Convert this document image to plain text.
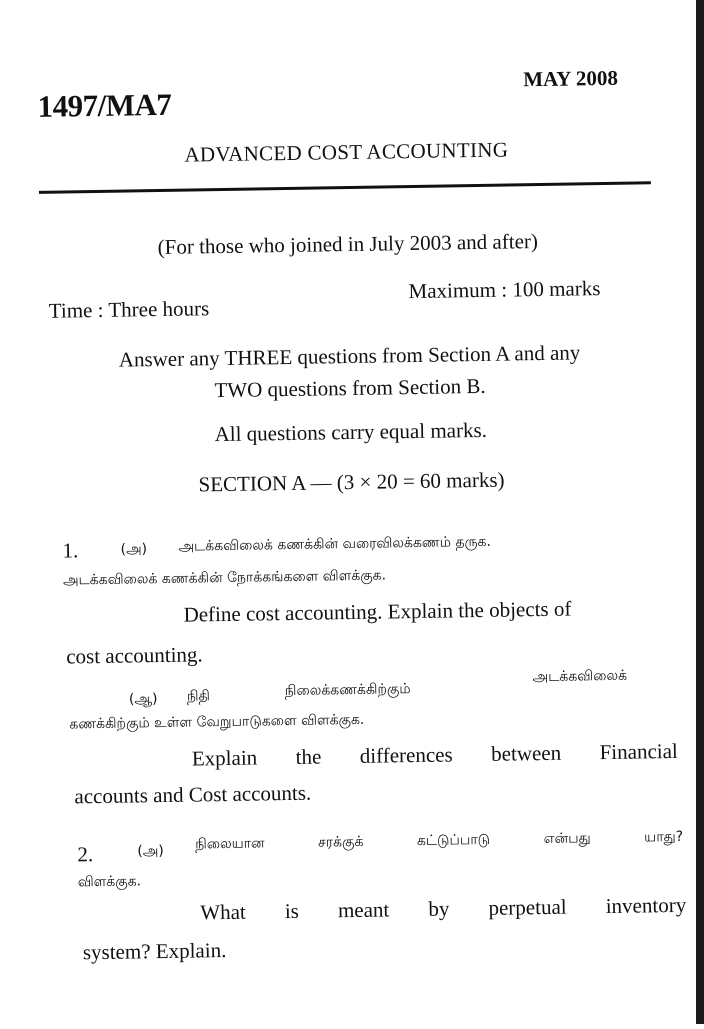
1497/MA7
MAY 2008
ADVANCED COST ACCOUNTING
(For those who joined in July 2003 and after)
Time : Three hours
Maximum : 100 marks
Answer any THREE questions from Section A and any
TWO questions from Section B.
All questions carry equal marks.
SECTION A — (3 × 20 = 60 marks)
1.	(அ) அடக்கவிலைக் கணக்கின் வரைவிலக்கணம் தருக.
அடக்கவிலைக் கணக்கின் நோக்கங்களை விளக்குக.
Define cost accounting. Explain the objects of
cost accounting.
(ஆ) நிதி	நிலைக்கணக்கிற்கும்
அடக்கவிலைக்
கணக்கிற்கும் உள்ள வேறுபாடுகளை விளக்குக.
Explain the differences between Financial
accounts and Cost accounts.
2.	(அ) நிலையான சரக்குக் கட்டுப்பாடு என்பது யாது?
விளக்குக.
What is meant by perpetual inventory
system? Explain.
